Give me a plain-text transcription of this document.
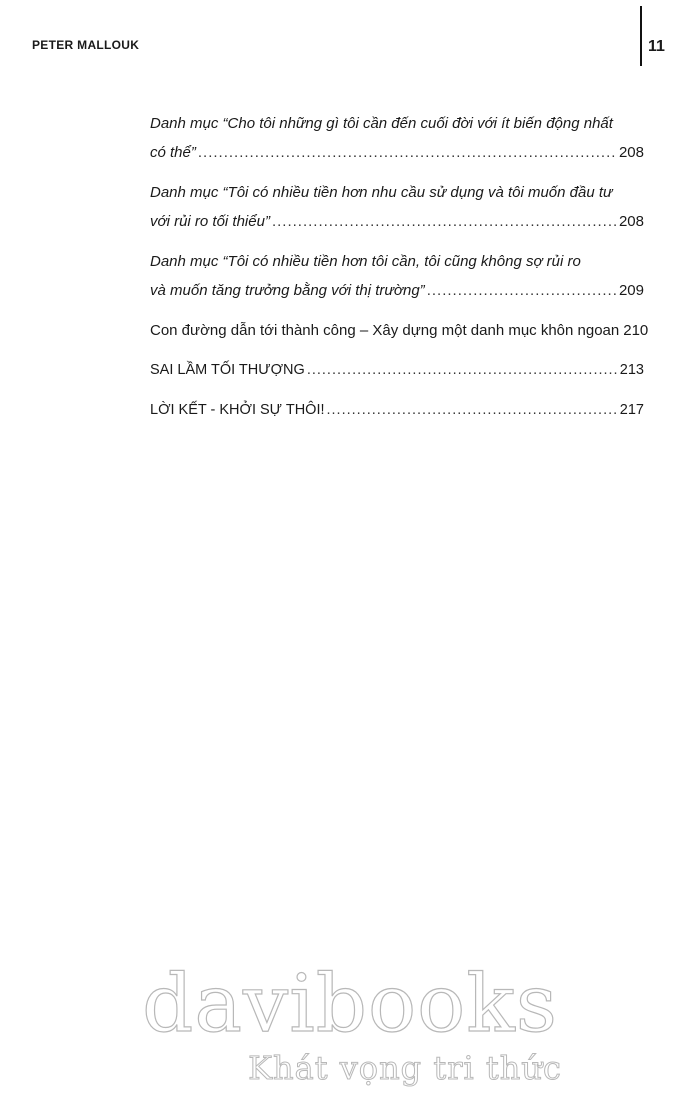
PETER MALLOUK	11
Danh mục “Cho tôi những gì tôi cần đến cuối đời với ít biến động nhất
có thể” .....	208
Danh mục “Tôi có nhiều tiền hơn nhu cầu sử dụng và tôi muốn đầu tư
với rủi ro tối thiểu” .....	208
Danh mục “Tôi có nhiều tiền hơn tôi cần, tôi cũng không sợ rủi ro
và muốn tăng trưởng bằng với thị trường” .....	209
Con đường dẫn tới thành công – Xây dựng một danh mục khôn ngoan 210
SAI LẦM TỐI THƯỢNG .....	213
LỜI KẾT - KHỞI SỰ THÔI! .....	217
davibooks
Khát vọng tri thức
